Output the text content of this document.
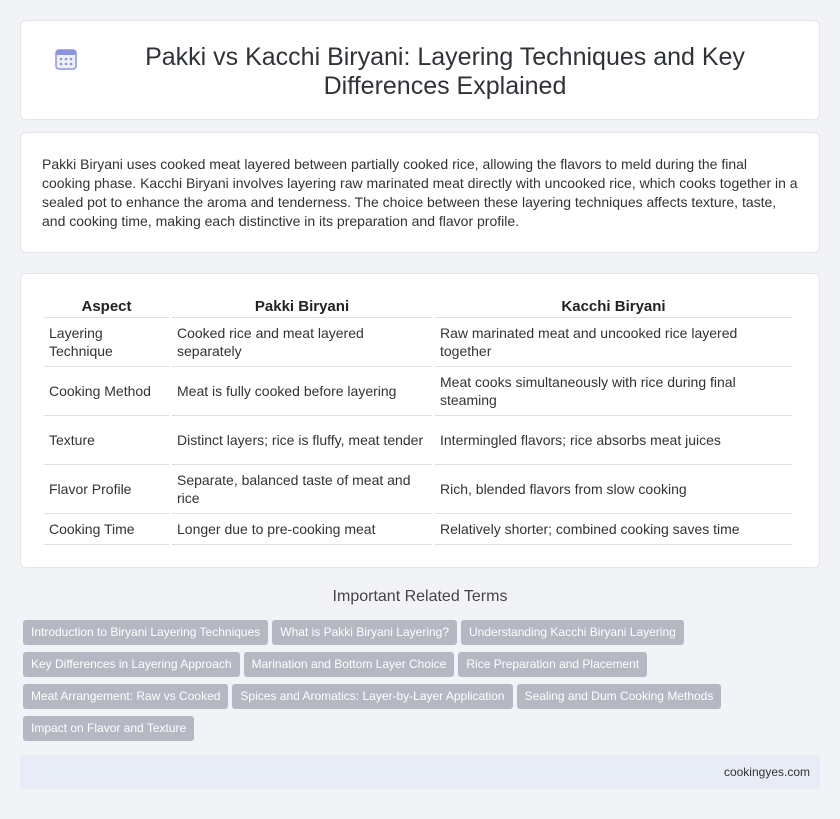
Pakki vs Kacchi Biryani: Layering Techniques and Key Differences Explained

Pakki Biryani uses cooked meat layered between partially cooked rice, allowing the flavors to meld during the final cooking phase. Kacchi Biryani involves layering raw marinated meat directly with uncooked rice, which cooks together in a sealed pot to enhance the aroma and tenderness. The choice between these layering techniques affects texture, taste, and cooking time, making each distinctive in its preparation and flavor profile.

Aspect	Pakki Biryani	Kacchi Biryani
Layering Technique	Cooked rice and meat layered separately	Raw marinated meat and uncooked rice layered together
Cooking Method	Meat is fully cooked before layering	Meat cooks simultaneously with rice during final steaming
Texture	Distinct layers; rice is fluffy, meat tender	Intermingled flavors; rice absorbs meat juices
Flavor Profile	Separate, balanced taste of meat and rice	Rich, blended flavors from slow cooking
Cooking Time	Longer due to pre-cooking meat	Relatively shorter; combined cooking saves time
Important Related Terms
Introduction to Biryani Layering Techniques What is Pakki Biryani Layering? Understanding Kacchi Biryani Layering
Key Differences in Layering Approach Marination and Bottom Layer Choice Rice Preparation and Placement
Meat Arrangement: Raw vs Cooked Spices and Aromatics: Layer-by-Layer Application Sealing and Dum Cooking Methods
Impact on Flavor and Texture
cookingyes.com
